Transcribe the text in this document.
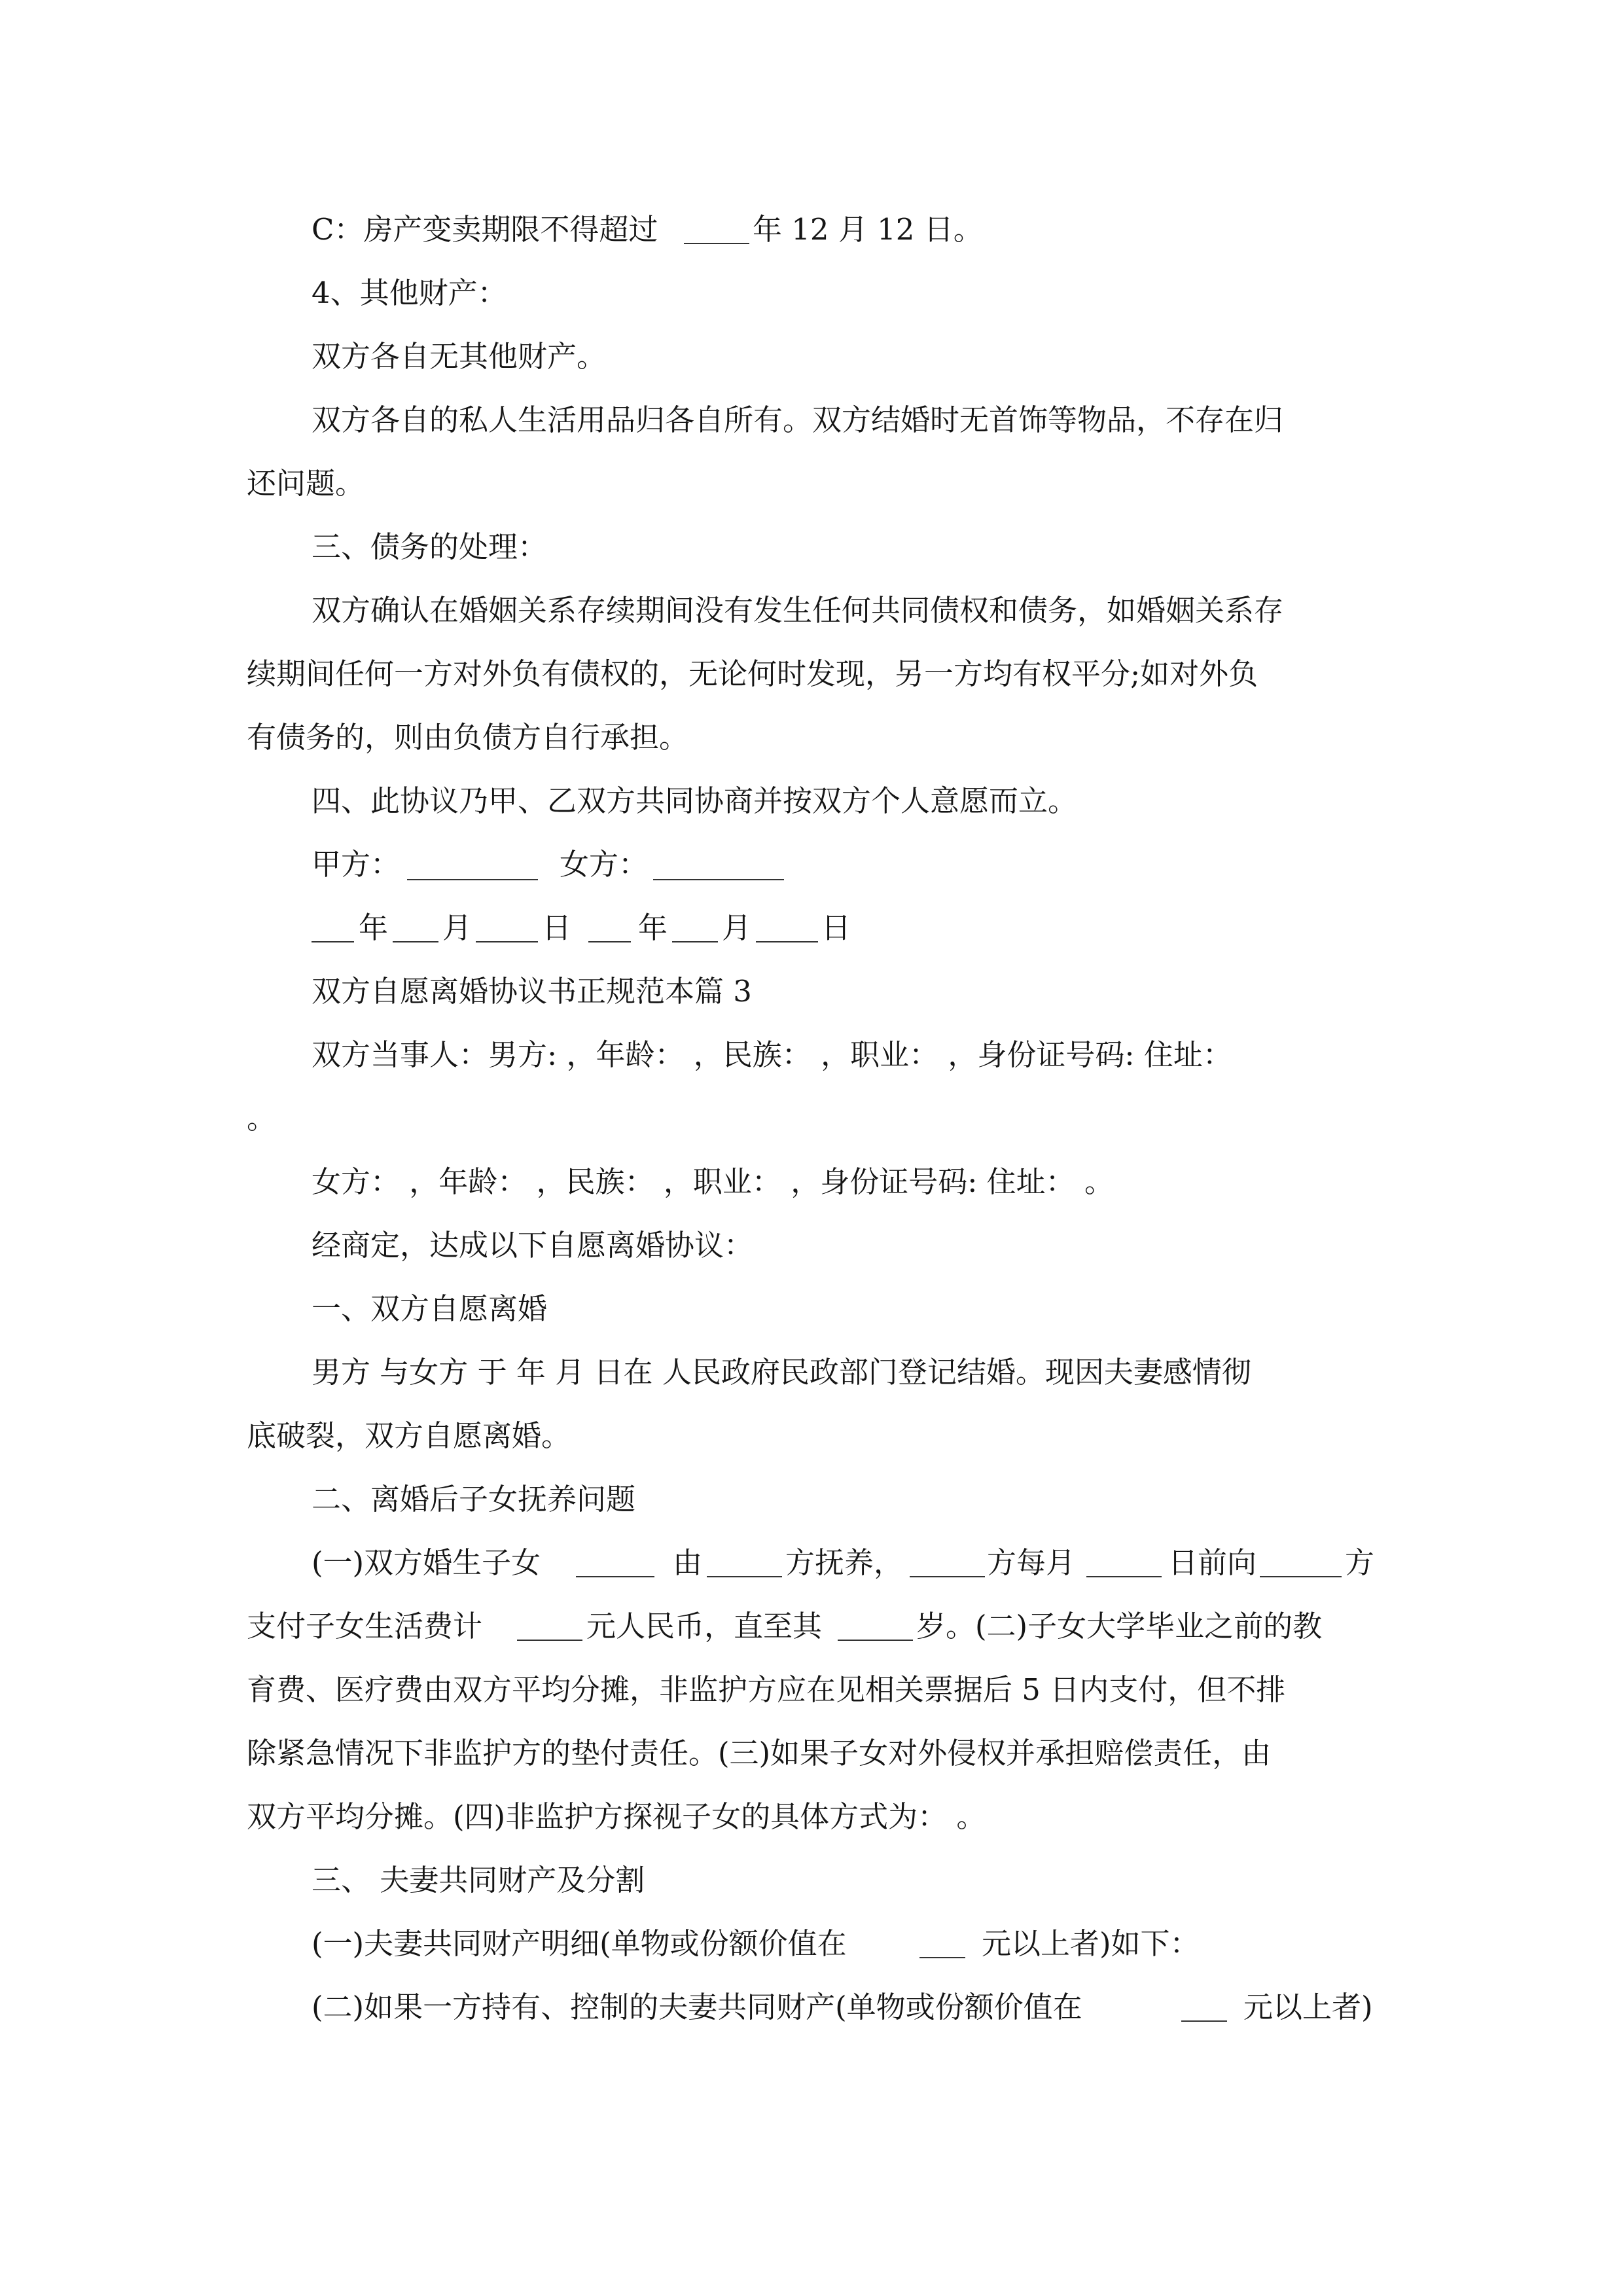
C：房产变卖期限不得超过	年 12 月 12 日。
4、其他财产：
双方各自无其他财产。
双方各自的私人生活用品归各自所有。双方结婚时无首饰等物品，不存在归
还问题。
三、债务的处理：
双方确认在婚姻关系存续期间没有发生任何共同债权和债务，如婚姻关系存
续期间任何一方对外负有债权的，无论何时发现，另一方均有权平分;如对外负
有债务的，则由负债方自行承担。
四、此协议乃甲、乙双方共同协商并按双方个人意愿而立。
甲方：	女方：
年 月 日 年 月 日
双方自愿离婚协议书正规范本篇 3
双方当事人：男方: ，年龄： ，民族： ，职业： ，身份证号码: 住址：
。
女方： ，年龄： ，民族： ，职业： ，身份证号码: 住址： 。
经商定，达成以下自愿离婚协议：
一、双方自愿离婚
男方 与女方 于 年 月 日在 人民政府民政部门登记结婚。现因夫妻感情彻
底破裂，双方自愿离婚。
二、离婚后子女抚养问题
(一)双方婚生子女	由	方抚养，	方每月	日前向	方
支付子女生活费计	元人民币，直至其	岁。(二)子女大学毕业之前的教
育费、医疗费由双方平均分摊，非监护方应在见相关票据后 5 日内支付，但不排
除紧急情况下非监护方的垫付责任。(三)如果子女对外侵权并承担赔偿责任，由
双方平均分摊。(四)非监护方探视子女的具体方式为： 。
三、 夫妻共同财产及分割
(一)夫妻共同财产明细(单物或份额价值在	元以上者)如下：
(二)如果一方持有、控制的夫妻共同财产(单物或份额价值在	元以上者)
